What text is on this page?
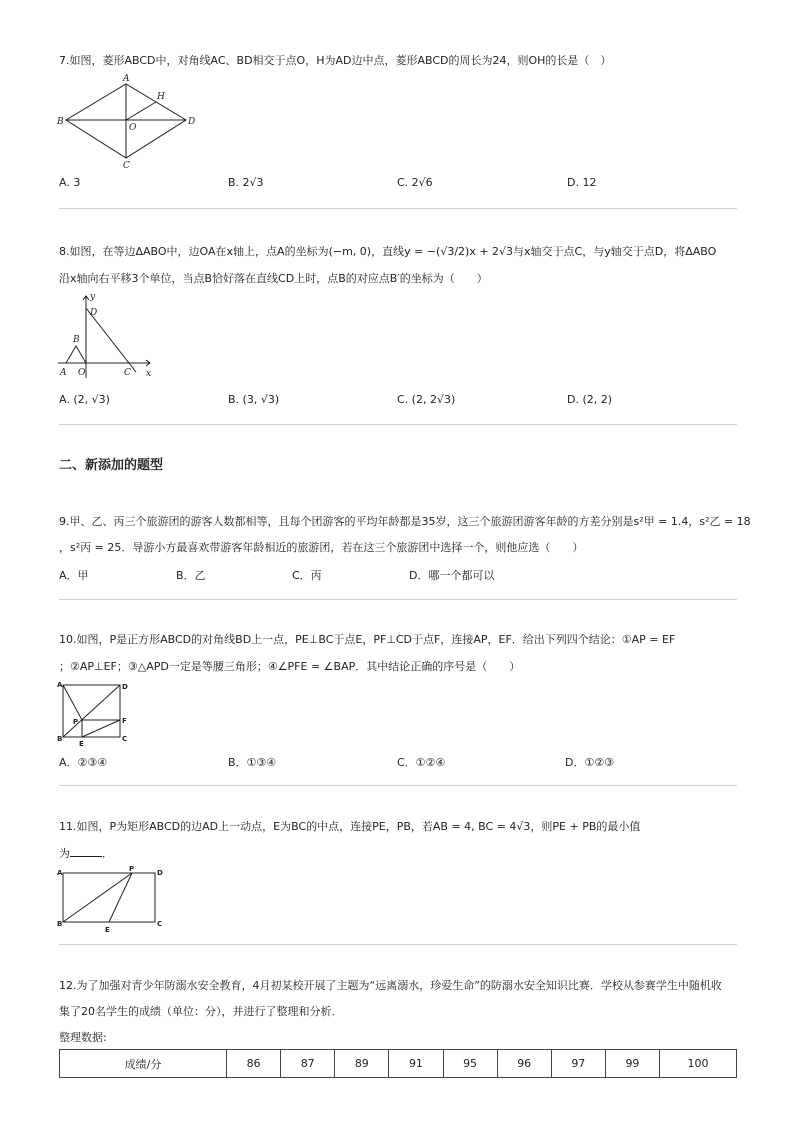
7.如图，菱形ABCD中，对角线AC、BD相交于点O，H为AD边中点，菱形ABCD的周长为24，则OH的长是（　）
A
B
C
D
H
O
A. 3	B. 2√3	C. 2√6	D. 12
8.如图，在等边ΔABO中，边OA在x轴上，点A的坐标为(−m, 0)，直线y = −(√3/2)x + 2√3与x轴交于点C，与y轴交于点D，将ΔABO
沿x轴向右平移3个单位，当点B恰好落在直线CD上时，点B的对应点B′的坐标为（　　）
y
D
B
A O	C x
A. (2, √3)	B. (3, √3)	C. (2, 2√3)	D. (2, 2)
二、新添加的题型
9.甲、乙、丙三个旅游团的游客人数都相等，且每个团游客的平均年龄都是35岁，这三个旅游团游客年龄的方差分别是s²甲 = 1.4，s²乙 = 18
，s²丙 = 25．导游小方最喜欢带游客年龄相近的旅游团，若在这三个旅游团中选择一个，则他应选（　　）
A．甲	B．乙	C．丙	D．哪一个都可以
10.如图，P是正方形ABCD的对角线BD上一点，PE⊥BC于点E，PF⊥CD于点F，连接AP，EF．给出下列四个结论：①AP = EF
；②AP⊥EF；③△APD一定是等腰三角形；④∠PFE = ∠BAP．其中结论正确的序号是（　　）
A	D
P	F
B
E
C
A．②③④	B．①③④	C．①②④	D．①②③
11.如图，P为矩形ABCD的边AD上一动点，E为BC的中点，连接PE，PB，若AB = 4, BC = 4√3，则PE + PB的最小值
为	．
A	P	D
B
E
C
12.为了加强对青少年防溺水安全教育，4月初某校开展了主题为“远离溺水，珍爱生命”的防溺水安全知识比赛．学校从参赛学生中随机收
集了20名学生的成绩（单位：分），并进行了整理和分析．
整理数据:
成绩/分	86	87	89	91	95	96	97	99	100
